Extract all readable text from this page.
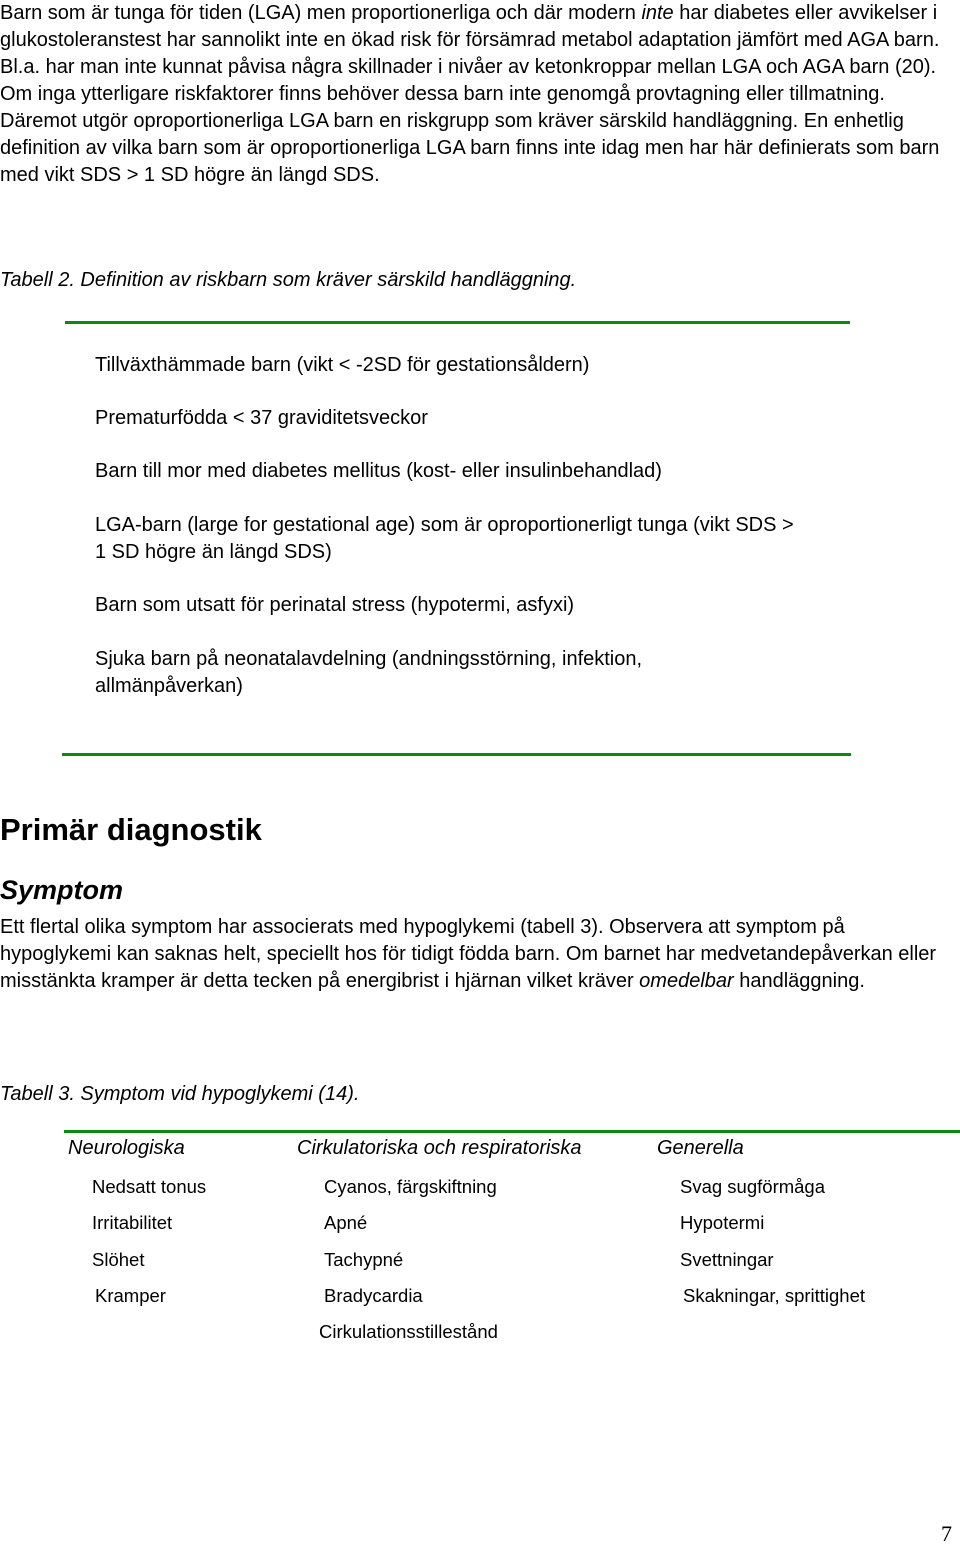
Barn som är tunga för tiden (LGA) men proportionerliga och där modern inte har diabetes eller avvikelser i glukostoleranstest har sannolikt inte en ökad risk för försämrad metabol adaptation jämfört med AGA barn. Bl.a. har man inte kunnat påvisa några skillnader i nivåer av ketonkroppar mellan LGA och AGA barn (20). Om inga ytterligare riskfaktorer finns behöver dessa barn inte genomgå provtagning eller tillmatning. Däremot utgör oproportionerliga LGA barn en riskgrupp som kräver särskild handläggning. En enhetlig definition av vilka barn som är oproportionerliga LGA barn finns inte idag men har här definierats som barn med vikt SDS > 1 SD högre än längd SDS.

Tabell 2. Definition av riskbarn som kräver särskild handläggning.
Tillväxthämmade barn (vikt < -2SD för gestationsåldern)
Prematurfödda < 37 graviditetsveckor
Barn till mor med diabetes mellitus (kost- eller insulinbehandlad)
LGA-barn (large for gestational age) som är oproportionerligt tunga (vikt SDS > 1 SD högre än längd SDS)
Barn som utsatt för perinatal stress (hypotermi, asfyxi)
Sjuka barn på neonatalavdelning (andningsstörning, infektion, allmänpåverkan)
Primär diagnostik
Symptom

Ett flertal olika symptom har associerats med hypoglykemi (tabell 3). Observera att symptom på hypoglykemi kan saknas helt, speciellt hos för tidigt födda barn. Om barnet har medvetandepåverkan eller misstänkta kramper är detta tecken på energibrist i hjärnan vilket kräver omedelbar handläggning.

Tabell 3. Symptom vid hypoglykemi (14).
Neurologiska	Cirkulatoriska och respiratoriska	Generella
Nedsatt tonus
Irritabilitet
Slöhet
Kramper
Cyanos, färgskiftning
Apné
Tachypné
Bradycardia
Cirkulationsstillestånd
Svag sugförmåga
Hypotermi
Svettningar
Skakningar, sprittighet
7
